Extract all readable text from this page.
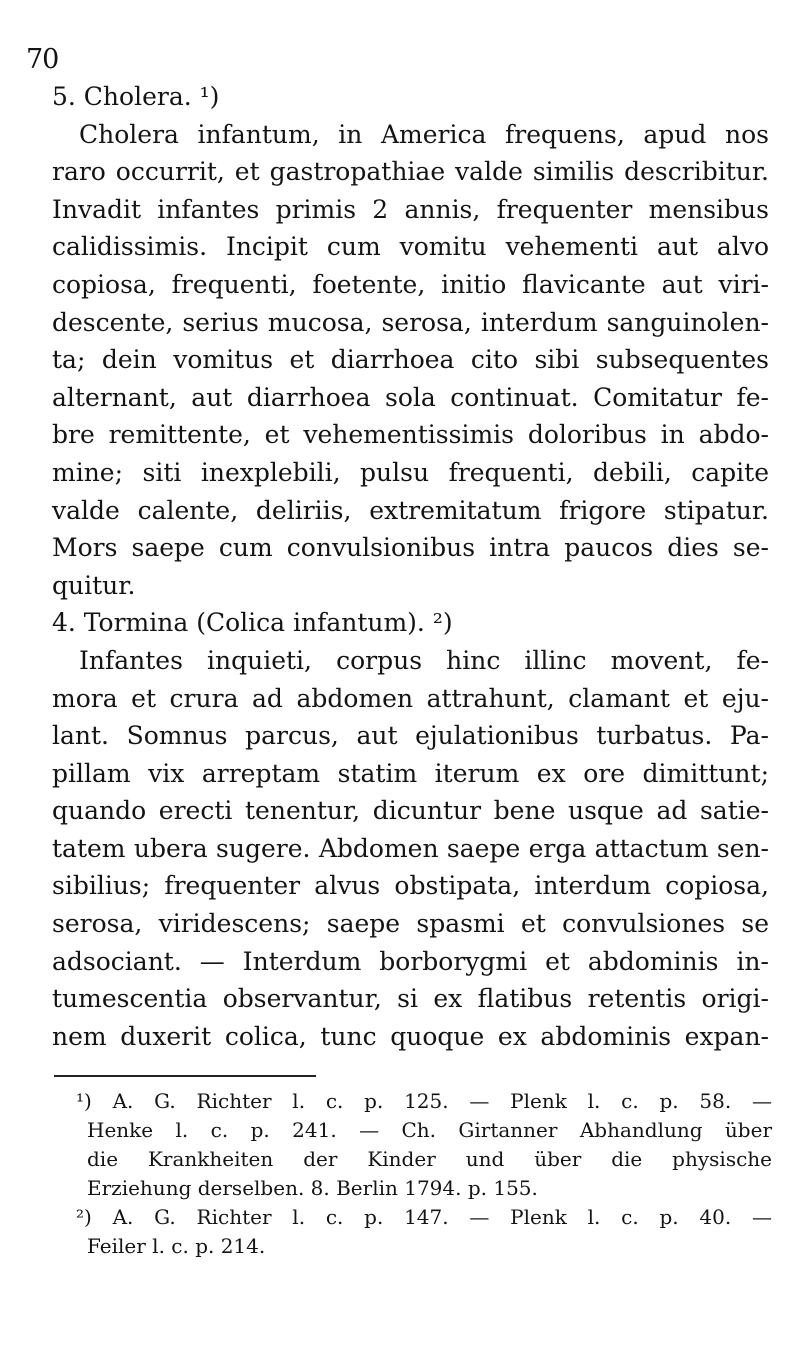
70
5. Cholera. ¹)
Cholera infantum, in America frequens, apud nos
raro occurrit, et gastropathiae valde similis describitur.
Invadit infantes primis 2 annis, frequenter mensibus
calidissimis. Incipit cum vomitu vehementi aut alvo
copiosa, frequenti, foetente, initio flavicante aut viri-
descente, serius mucosa, serosa, interdum sanguinolen-
ta; dein vomitus et diarrhoea cito sibi subsequentes
alternant, aut diarrhoea sola continuat. Comitatur fe-
bre remittente, et vehementissimis doloribus in abdo-
mine; siti inexplebili, pulsu frequenti, debili, capite
valde calente, deliriis, extremitatum frigore stipatur.
Mors saepe cum convulsionibus intra paucos dies se-
quitur.
4. Tormina (Colica infantum). ²)
Infantes inquieti, corpus hinc illinc movent, fe-
mora et crura ad abdomen attrahunt, clamant et eju-
lant. Somnus parcus, aut ejulationibus turbatus. Pa-
pillam vix arreptam statim iterum ex ore dimittunt;
quando erecti tenentur, dicuntur bene usque ad satie-
tatem ubera sugere. Abdomen saepe erga attactum sen-
sibilius; frequenter alvus obstipata, interdum copiosa,
serosa, viridescens; saepe spasmi et convulsiones se
adsociant. — Interdum borborygmi et abdominis in-
tumescentia observantur, si ex flatibus retentis origi-
nem duxerit colica, tunc quoque ex abdominis expan-
¹) A. G. Richter l. c. p. 125. — Plenk l. c. p. 58. —
Henke l. c. p. 241. — Ch. Girtanner Abhandlung über
die Krankheiten der Kinder und über die physische
Erziehung derselben. 8. Berlin 1794. p. 155.
²) A. G. Richter l. c. p. 147. — Plenk l. c. p. 40. —
Feiler l. c. p. 214.
